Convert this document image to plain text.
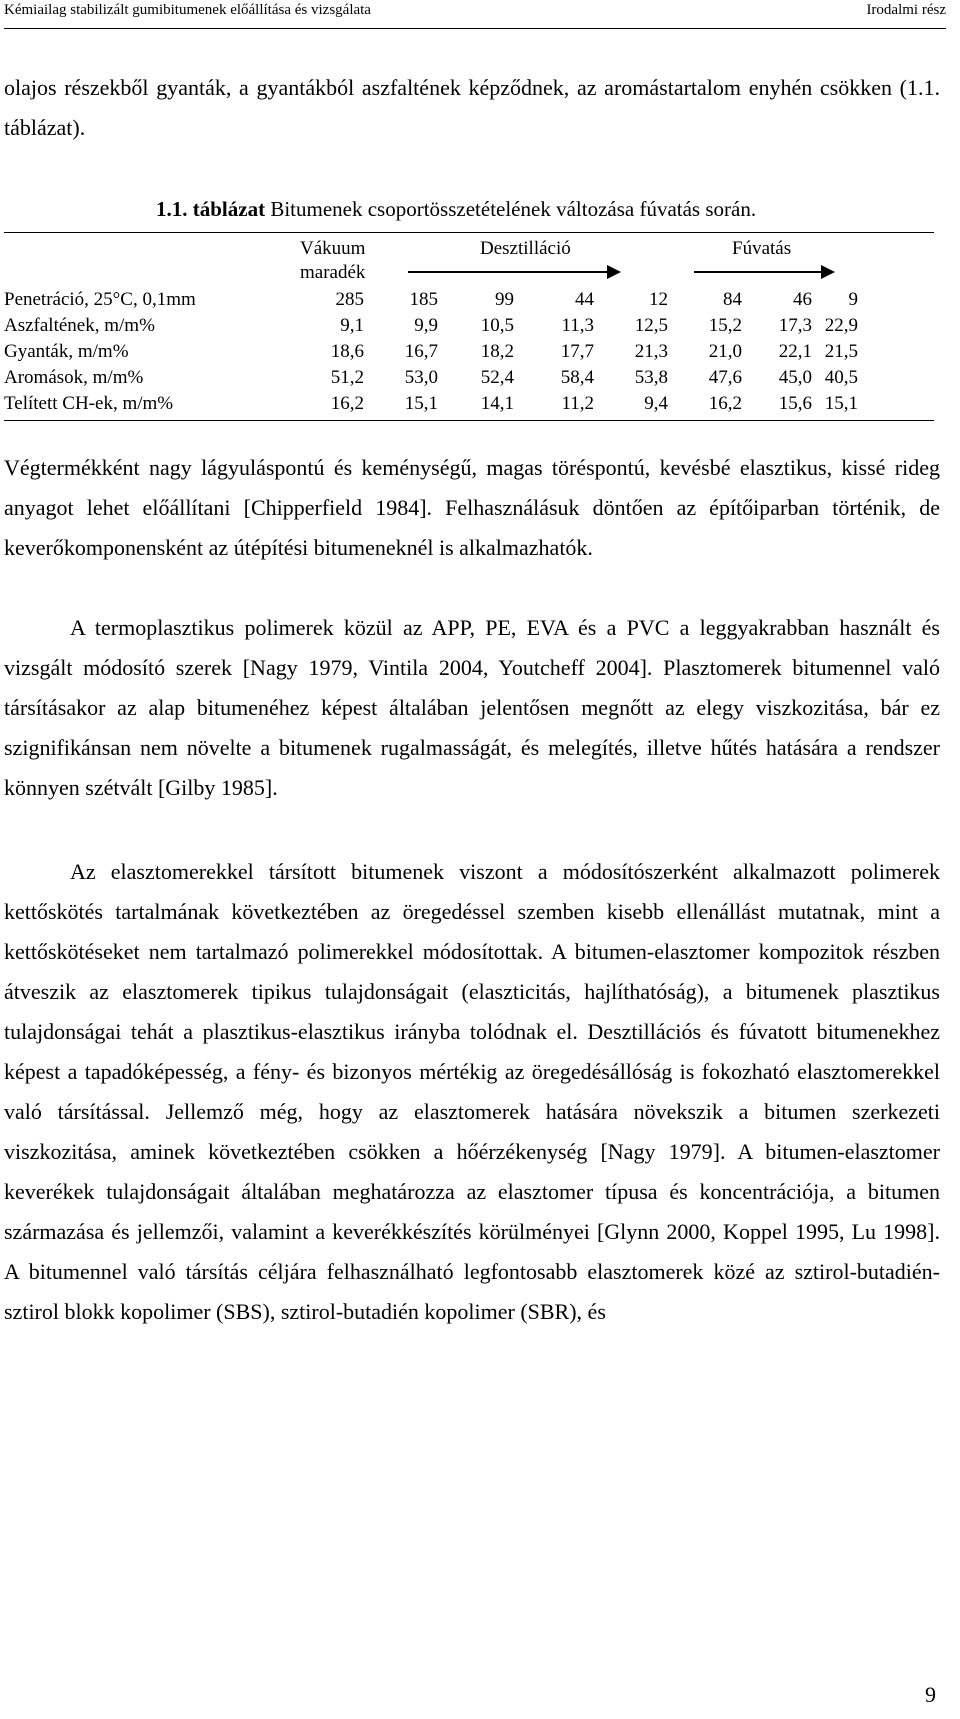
Kémiailag stabilizált gumibitumenek előállítása és vizsgálata	Irodalmi rész
olajos részekből gyanták, a gyantákból aszfaltének képződnek, az aromástartalom enyhén csökken (1.1. táblázat).
1.1. táblázat Bitumenek csoportösszetételének változása fúvatás során.
Vákuum
maradék
Desztilláció	Fúvatás
Penetráció, 25°C, 0,1mm	285	185	99	44	12	84	46	9
Aszfaltének, m/m%	9,1	9,9	10,5	11,3	12,5	15,2	17,3 22,9
Gyanták, m/m%	18,6	16,7	18,2	17,7	21,3	21,0	22,1 21,5
Aromások, m/m%	51,2	53,0	52,4	58,4	53,8	47,6	45,0 40,5
Telített CH-ek, m/m%	16,2	15,1	14,1	11,2	9,4	16,2	15,6 15,1
Végtermékként nagy lágyuláspontú és keménységű, magas töréspontú, kevésbé elasztikus, kissé rideg anyagot lehet előállítani [Chipperfield 1984]. Felhasználásuk döntően az építőiparban történik, de keverőkomponensként az útépítési bitumeneknél is alkalmazhatók.
A termoplasztikus polimerek közül az APP, PE, EVA és a PVC a leggyakrabban használt és vizsgált módosító szerek [Nagy 1979, Vintila 2004, Youtcheff 2004]. Plasztomerek bitumennel való társításakor az alap bitumenéhez képest általában jelentősen megnőtt az elegy viszkozitása, bár ez szignifikánsan nem növelte a bitumenek rugalmasságát, és melegítés, illetve hűtés hatására a rendszer könnyen szétvált [Gilby 1985].
Az elasztomerekkel társított bitumenek viszont a módosítószerként alkalmazott polimerek kettőskötés tartalmának következtében az öregedéssel szemben kisebb ellenállást mutatnak, mint a kettőskötéseket nem tartalmazó polimerekkel módosítottak. A bitumen-elasztomer kompozitok részben átveszik az elasztomerek tipikus tulajdonságait (elaszticitás, hajlíthatóság), a bitumenek plasztikus tulajdonságai tehát a plasztikus-elasztikus irányba tolódnak el. Desztillációs és fúvatott bitumenekhez képest a tapadóképesség, a fény- és bizonyos mértékig az öregedésállóság is fokozható elasztomerekkel való társítással. Jellemző még, hogy az elasztomerek hatására növekszik a bitumen szerkezeti viszkozitása, aminek következtében csökken a hőérzékenység [Nagy 1979]. A bitumen-elasztomer keverékek tulajdonságait általában meghatározza az elasztomer típusa és koncentrációja, a bitumen származása és jellemzői, valamint a keverékkészítés körülményei [Glynn 2000, Koppel 1995, Lu 1998]. A bitumennel való társítás céljára felhasználható legfontosabb elasztomerek közé az sztirol-butadién-sztirol blokk kopolimer (SBS), sztirol-butadién kopolimer (SBR), és
9
